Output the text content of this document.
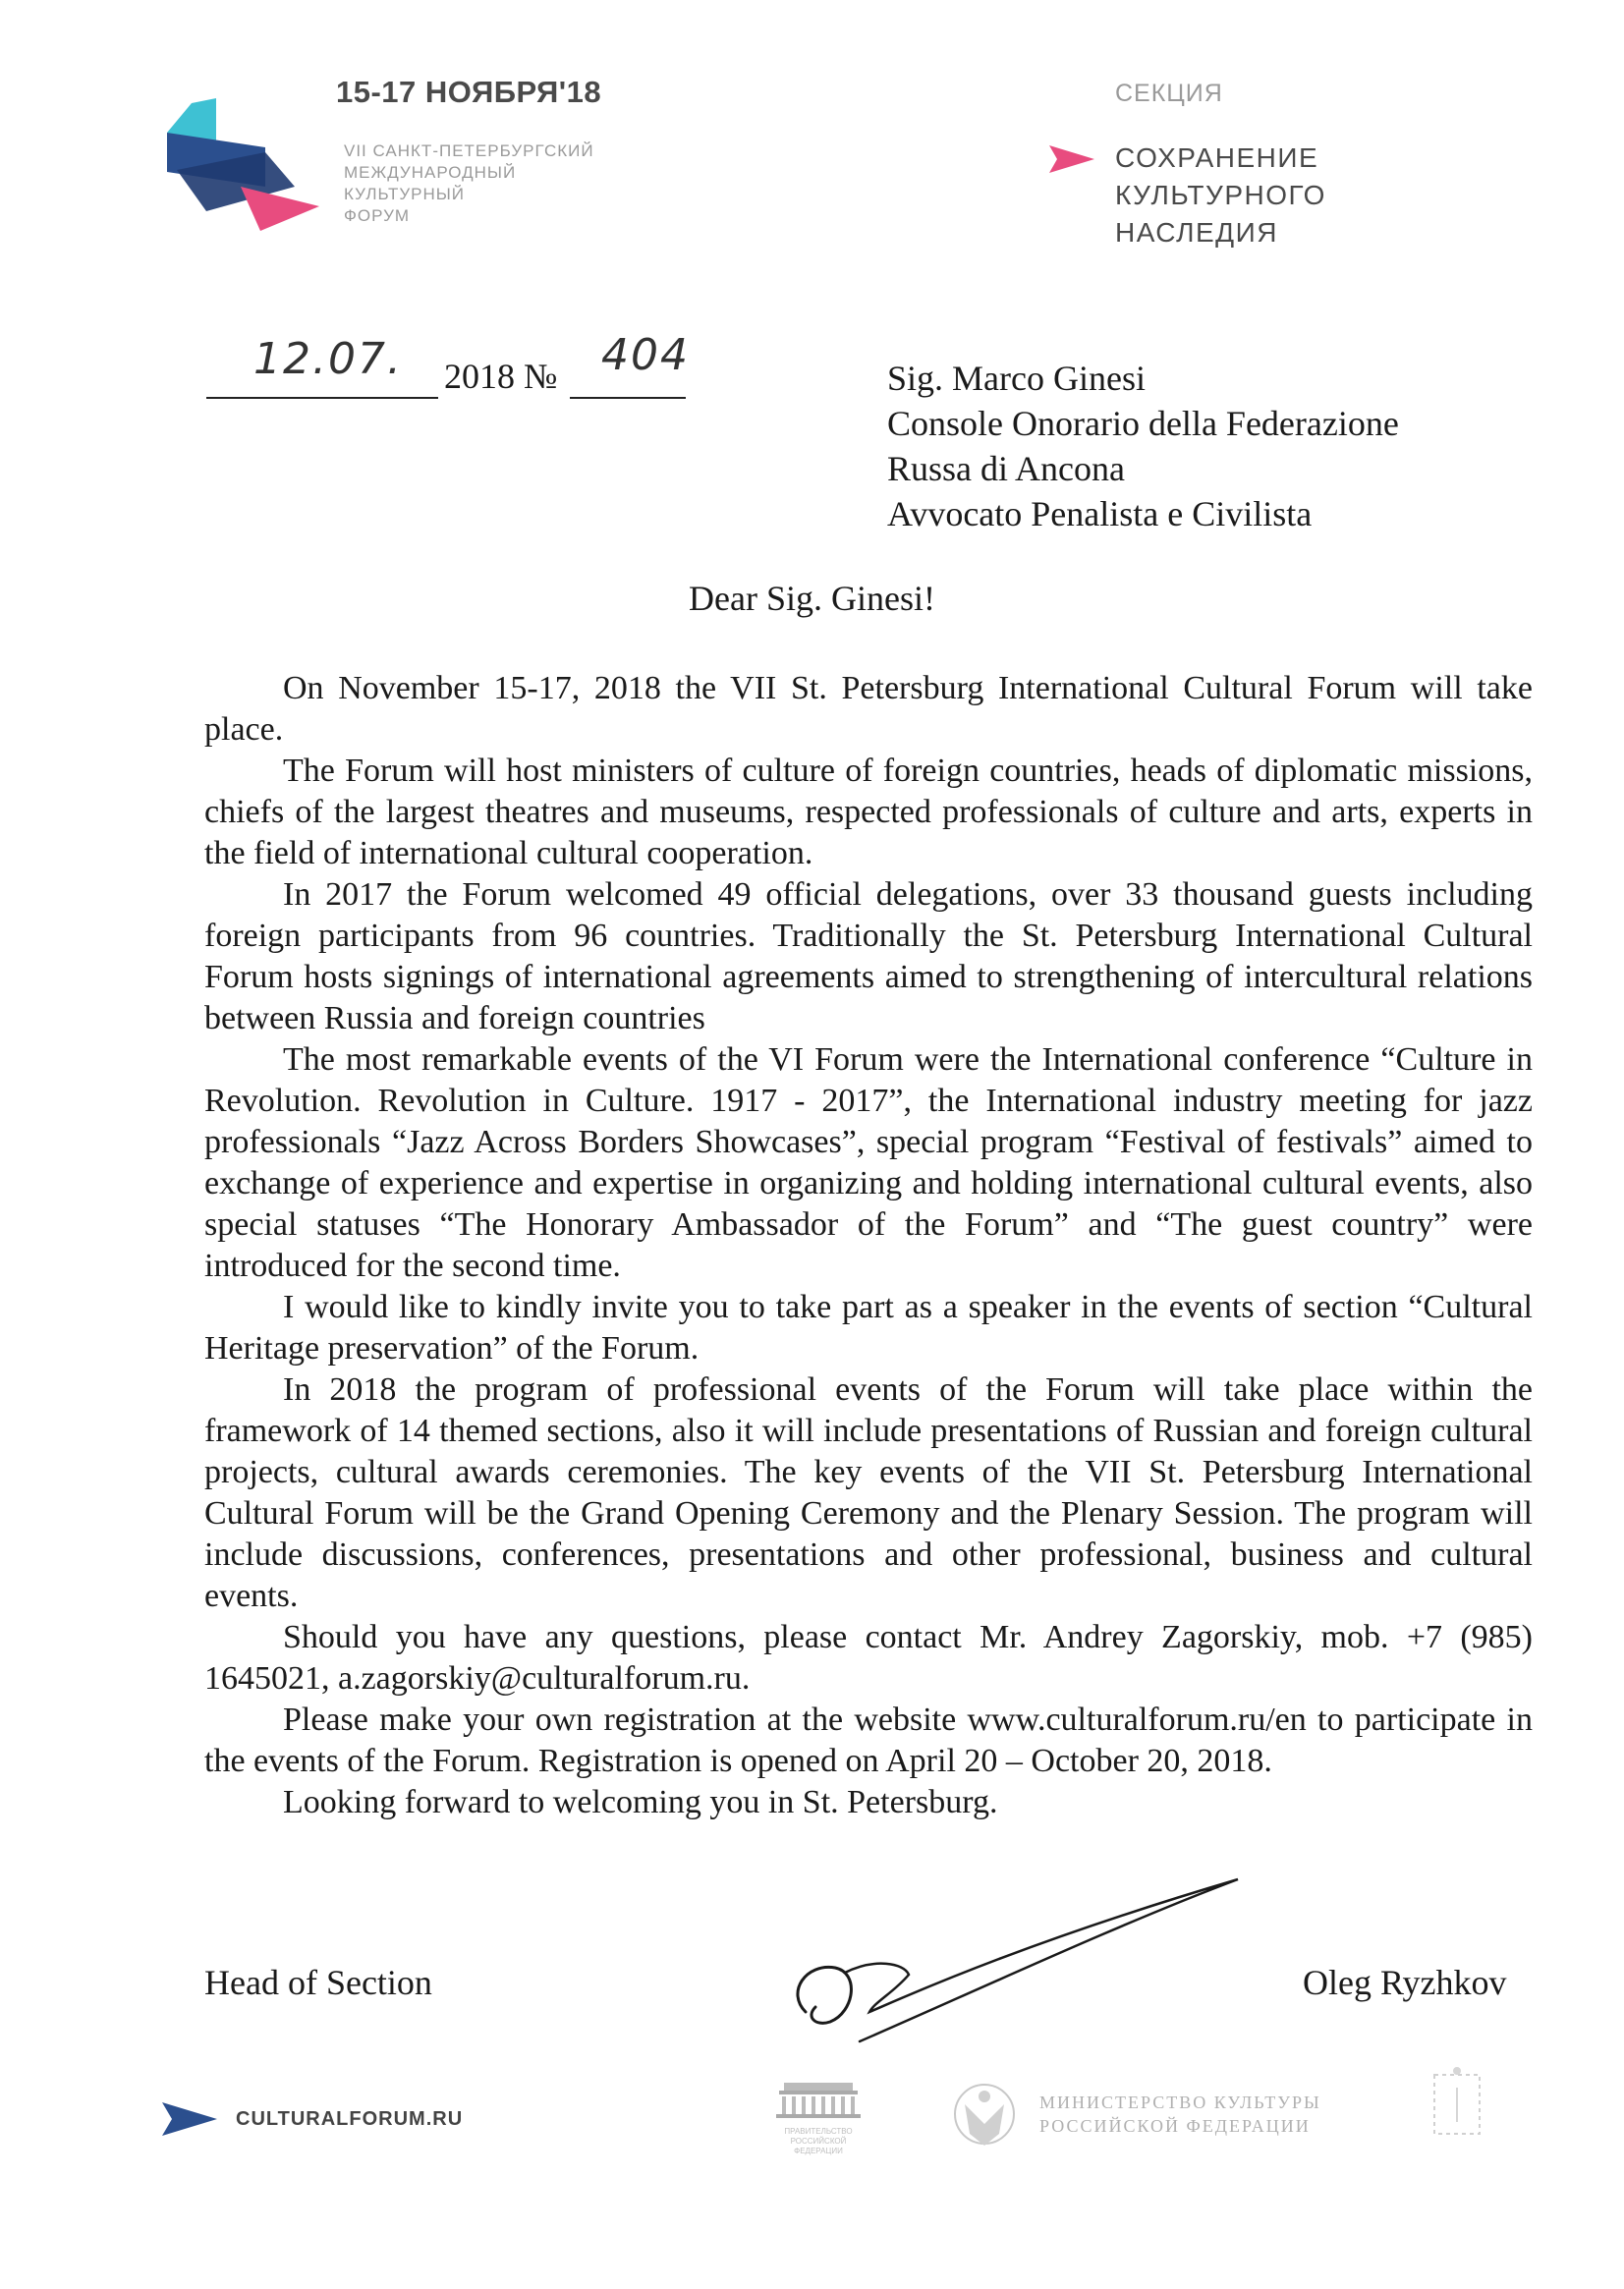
15-17 НОЯБРЯ'18
VII САНКТ-ПЕТЕРБУРГСКИЙ
МЕЖДУНАРОДНЫЙ
КУЛЬТУРНЫЙ
ФОРУМ
СЕКЦИЯ
СОХРАНЕНИЕ
КУЛЬТУРНОГО
НАСЛЕДИЯ
12.07. 2018 № 404	Sig. Marco Ginesi
Console Onorario della Federazione
Russa di Ancona
Avvocato Penalista e Civilista
Dear Sig. Ginesi!

On November 15-17, 2018 the VII St. Petersburg International Cultural Forum will take place.

The Forum will host ministers of culture of foreign countries, heads of diplomatic missions, chiefs of the largest theatres and museums, respected professionals of culture and arts, experts in the field of international cultural cooperation.

In 2017 the Forum welcomed 49 official delegations, over 33 thousand guests including foreign participants from 96 countries. Traditionally the St. Petersburg International Cultural Forum hosts signings of international agreements aimed to strengthening of intercultural relations between Russia and foreign countries

The most remarkable events of the VI Forum were the International conference “Culture in Revolution. Revolution in Culture. 1917 - 2017”, the International industry meeting for jazz professionals “Jazz Across Borders Showcases”, special program “Festival of festivals” aimed to exchange of experience and expertise in organizing and holding international cultural events, also special statuses “The Honorary Ambassador of the Forum” and “The guest country” were introduced for the second time.

I would like to kindly invite you to take part as a speaker in the events of section “Cultural Heritage preservation” of the Forum.

In 2018 the program of professional events of the Forum will take place within the framework of 14 themed sections, also it will include presentations of Russian and foreign cultural projects, cultural awards ceremonies. The key events of the VII St. Petersburg International Cultural Forum will be the Grand Opening Ceremony and the Plenary Session. The program will include discussions, conferences, presentations and other professional, business and cultural events.

Should you have any questions, please contact Mr. Andrey Zagorskiy, mob. +7 (985) 1645021, a.zagorskiy@culturalforum.ru.

Please make your own registration at the website www.culturalforum.ru/en to participate in the events of the Forum. Registration is opened on April 20 – October 20, 2018.

Looking forward to welcoming you in St. Petersburg.

Head of Section	Oleg Ryzhkov
CULTURALFORUM.RU
ПРАВИТЕЛЬСТВО
РОССИЙСКОЙ
ФЕДЕРАЦИИ
МИНИСТЕРСТВО КУЛЬТУРЫ
РОССИЙСКОЙ ФЕДЕРАЦИИ
